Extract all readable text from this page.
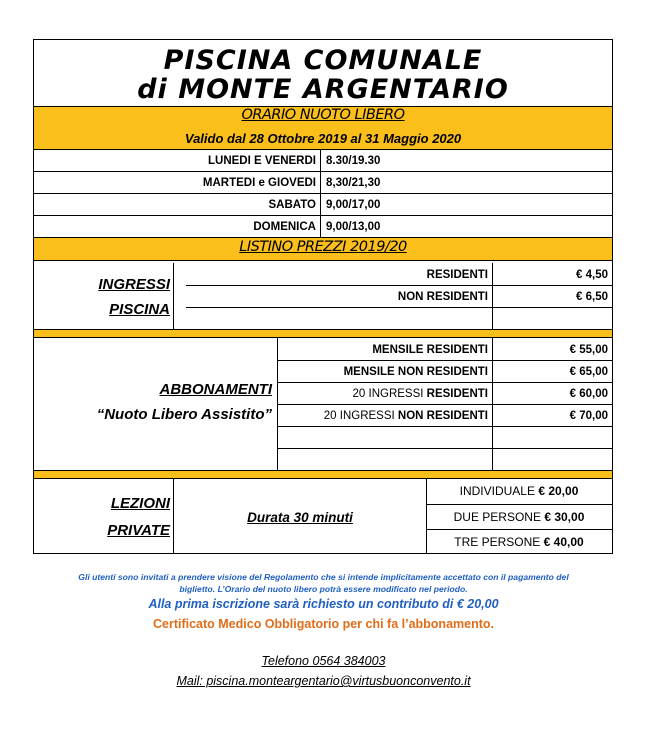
PISCINA COMUNALE
di MONTE ARGENTARIO
ORARIO NUOTO LIBERO
Valido dal 28 Ottobre 2019 al 31 Maggio 2020
LUNEDI E VENERDI 8.30/19.30
MARTEDI e GIOVEDI 8,30/21,30
SABATO 9,00/17,00
DOMENICA 9,00/13,00
LISTINO PREZZI 2019/20
INGRESSI
PISCINA
RESIDENTI	€ 4,50
NON RESIDENTI	€ 6,50
ABBONAMENTI
“Nuoto Libero Assistito”
MENSILE RESIDENTI	€ 55,00
MENSILE NON RESIDENTI	€ 65,00
20 INGRESSI RESIDENTI	€ 60,00
20 INGRESSI NON RESIDENTI	€ 70,00
LEZIONI
PRIVATE
Durata 30 minuti
INDIVIDUALE € 20,00
DUE PERSONE € 30,00
TRE PERSONE € 40,00
Gli utenti sono invitati a prendere visione del Regolamento che si intende implicitamente accettato con il pagamento del
biglietto. L’Orario del nuoto libero potrà essere modificato nel periodo.
Alla prima iscrizione sarà richiesto un contributo di € 20,00
Certificato Medico Obbligatorio per chi fa l’abbonamento.
Telefono 0564 384003
Mail: piscina.monteargentario@virtusbuonconvento.it
